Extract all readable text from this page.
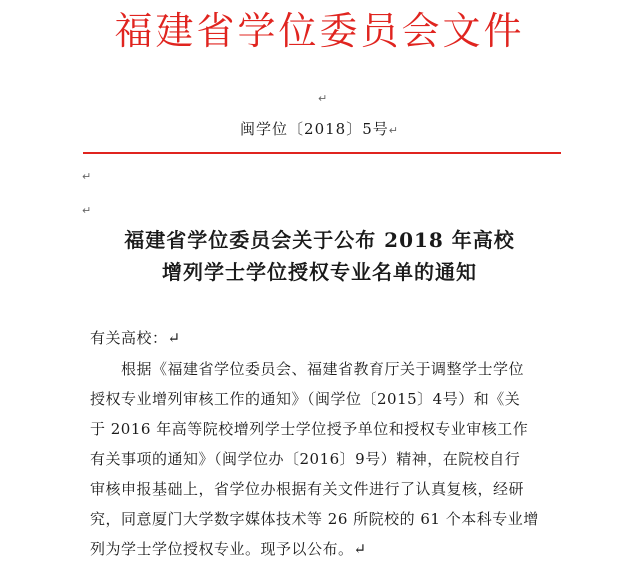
福建省学位委员会文件
↵
闽学位〔2018〕5号↵
↵
↵
福建省学位委员会关于公布 2018 年高校
增列学士学位授权专业名单的通知
有关高校：↵
根据《福建省学位委员会、福建省教育厅关于调整学士学位
授权专业增列审核工作的通知》（闽学位〔2015〕4号）和《关
于 2016 年高等院校增列学士学位授予单位和授权专业审核工作
有关事项的通知》（闽学位办〔2016〕9号）精神，在院校自行
审核申报基础上，省学位办根据有关文件进行了认真复核，经研
究，同意厦门大学数字媒体技术等 26 所院校的 61 个本科专业增
列为学士学位授权专业。现予以公布。↵
